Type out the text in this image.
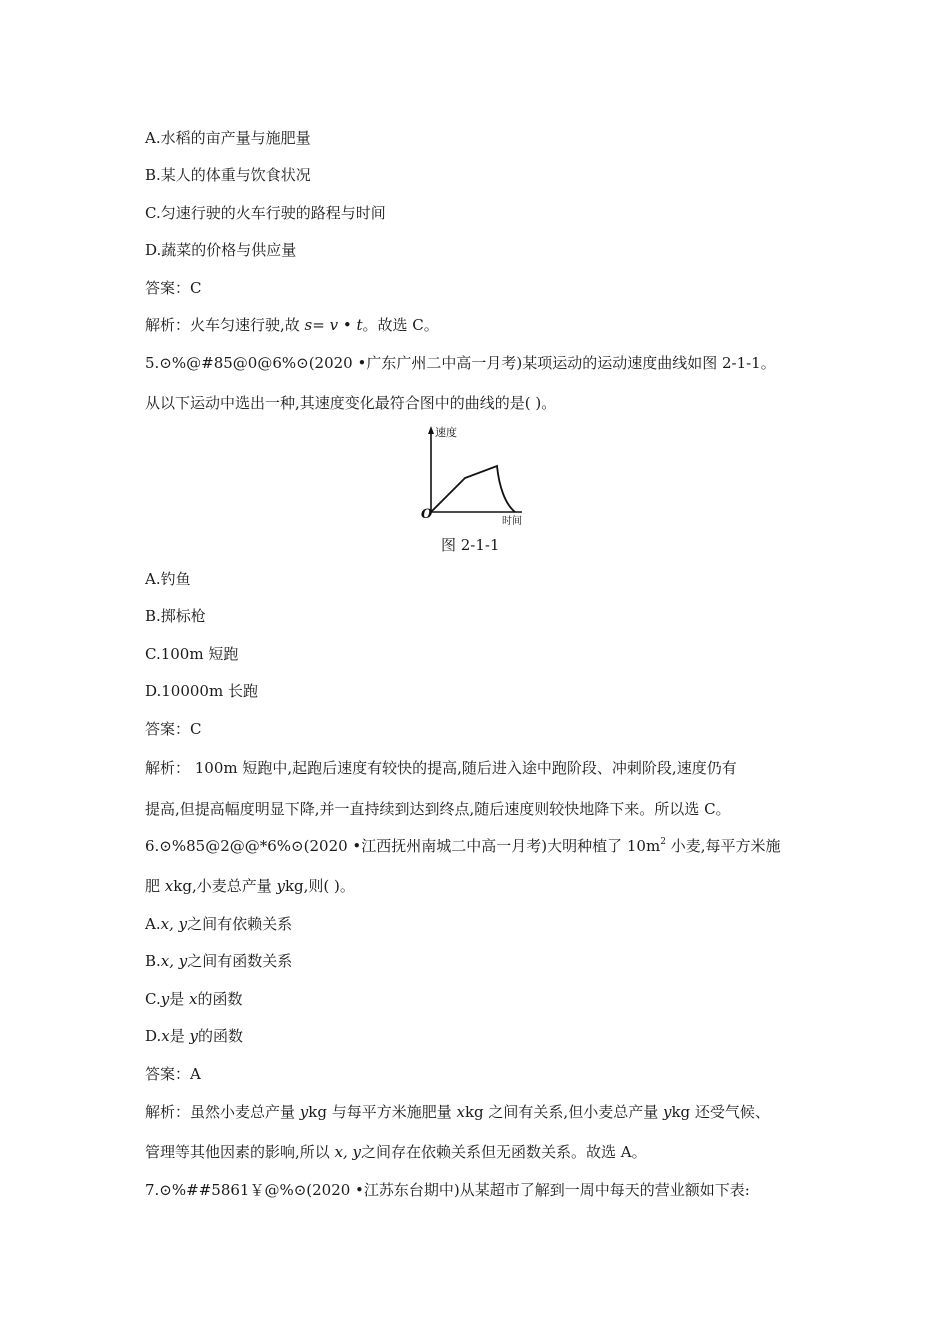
A.水稻的亩产量与施肥量
B.某人的体重与饮食状况
C.匀速行驶的火车行驶的路程与时间
D.蔬菜的价格与供应量
答案：C
解析：火车匀速行驶,故 s= v • t。故选 C。
5.⊙%@#85@0@6%⊙(2020 •广东广州二中高一月考)某项运动的运动速度曲线如图 2-1-1。
从以下运动中选出一种,其速度变化最符合图中的曲线的是( )。
速度
时间
O
图 2-1-1
A.钓鱼
B.掷标枪
C.100m 短跑
D.10000m 长跑
答案：C
解析： 100m 短跑中,起跑后速度有较快的提高,随后进入途中跑阶段、冲刺阶段,速度仍有
提高,但提高幅度明显下降,并一直持续到达到终点,随后速度则较快地降下来。所以选 C。
6.⊙%85@2@@*6%⊙(2020 •江西抚州南城二中高一月考)大明种植了 $10m^2$ 小麦,每平方米施
肥 xkg,小麦总产量 ykg,则( )。
A.x, y之间有依赖关系
B.x, y之间有函数关系
C.y是 x的函数
D.x是 y的函数
答案：A
解析：虽然小麦总产量 ykg 与每平方米施肥量 xkg 之间有关系,但小麦总产量 ykg 还受气候、
管理等其他因素的影响,所以 x, y之间存在依赖关系但无函数关系。故选 A。
7.⊙%##5861￥@%⊙(2020 •江苏东台期中)从某超市了解到一周中每天的营业额如下表:
